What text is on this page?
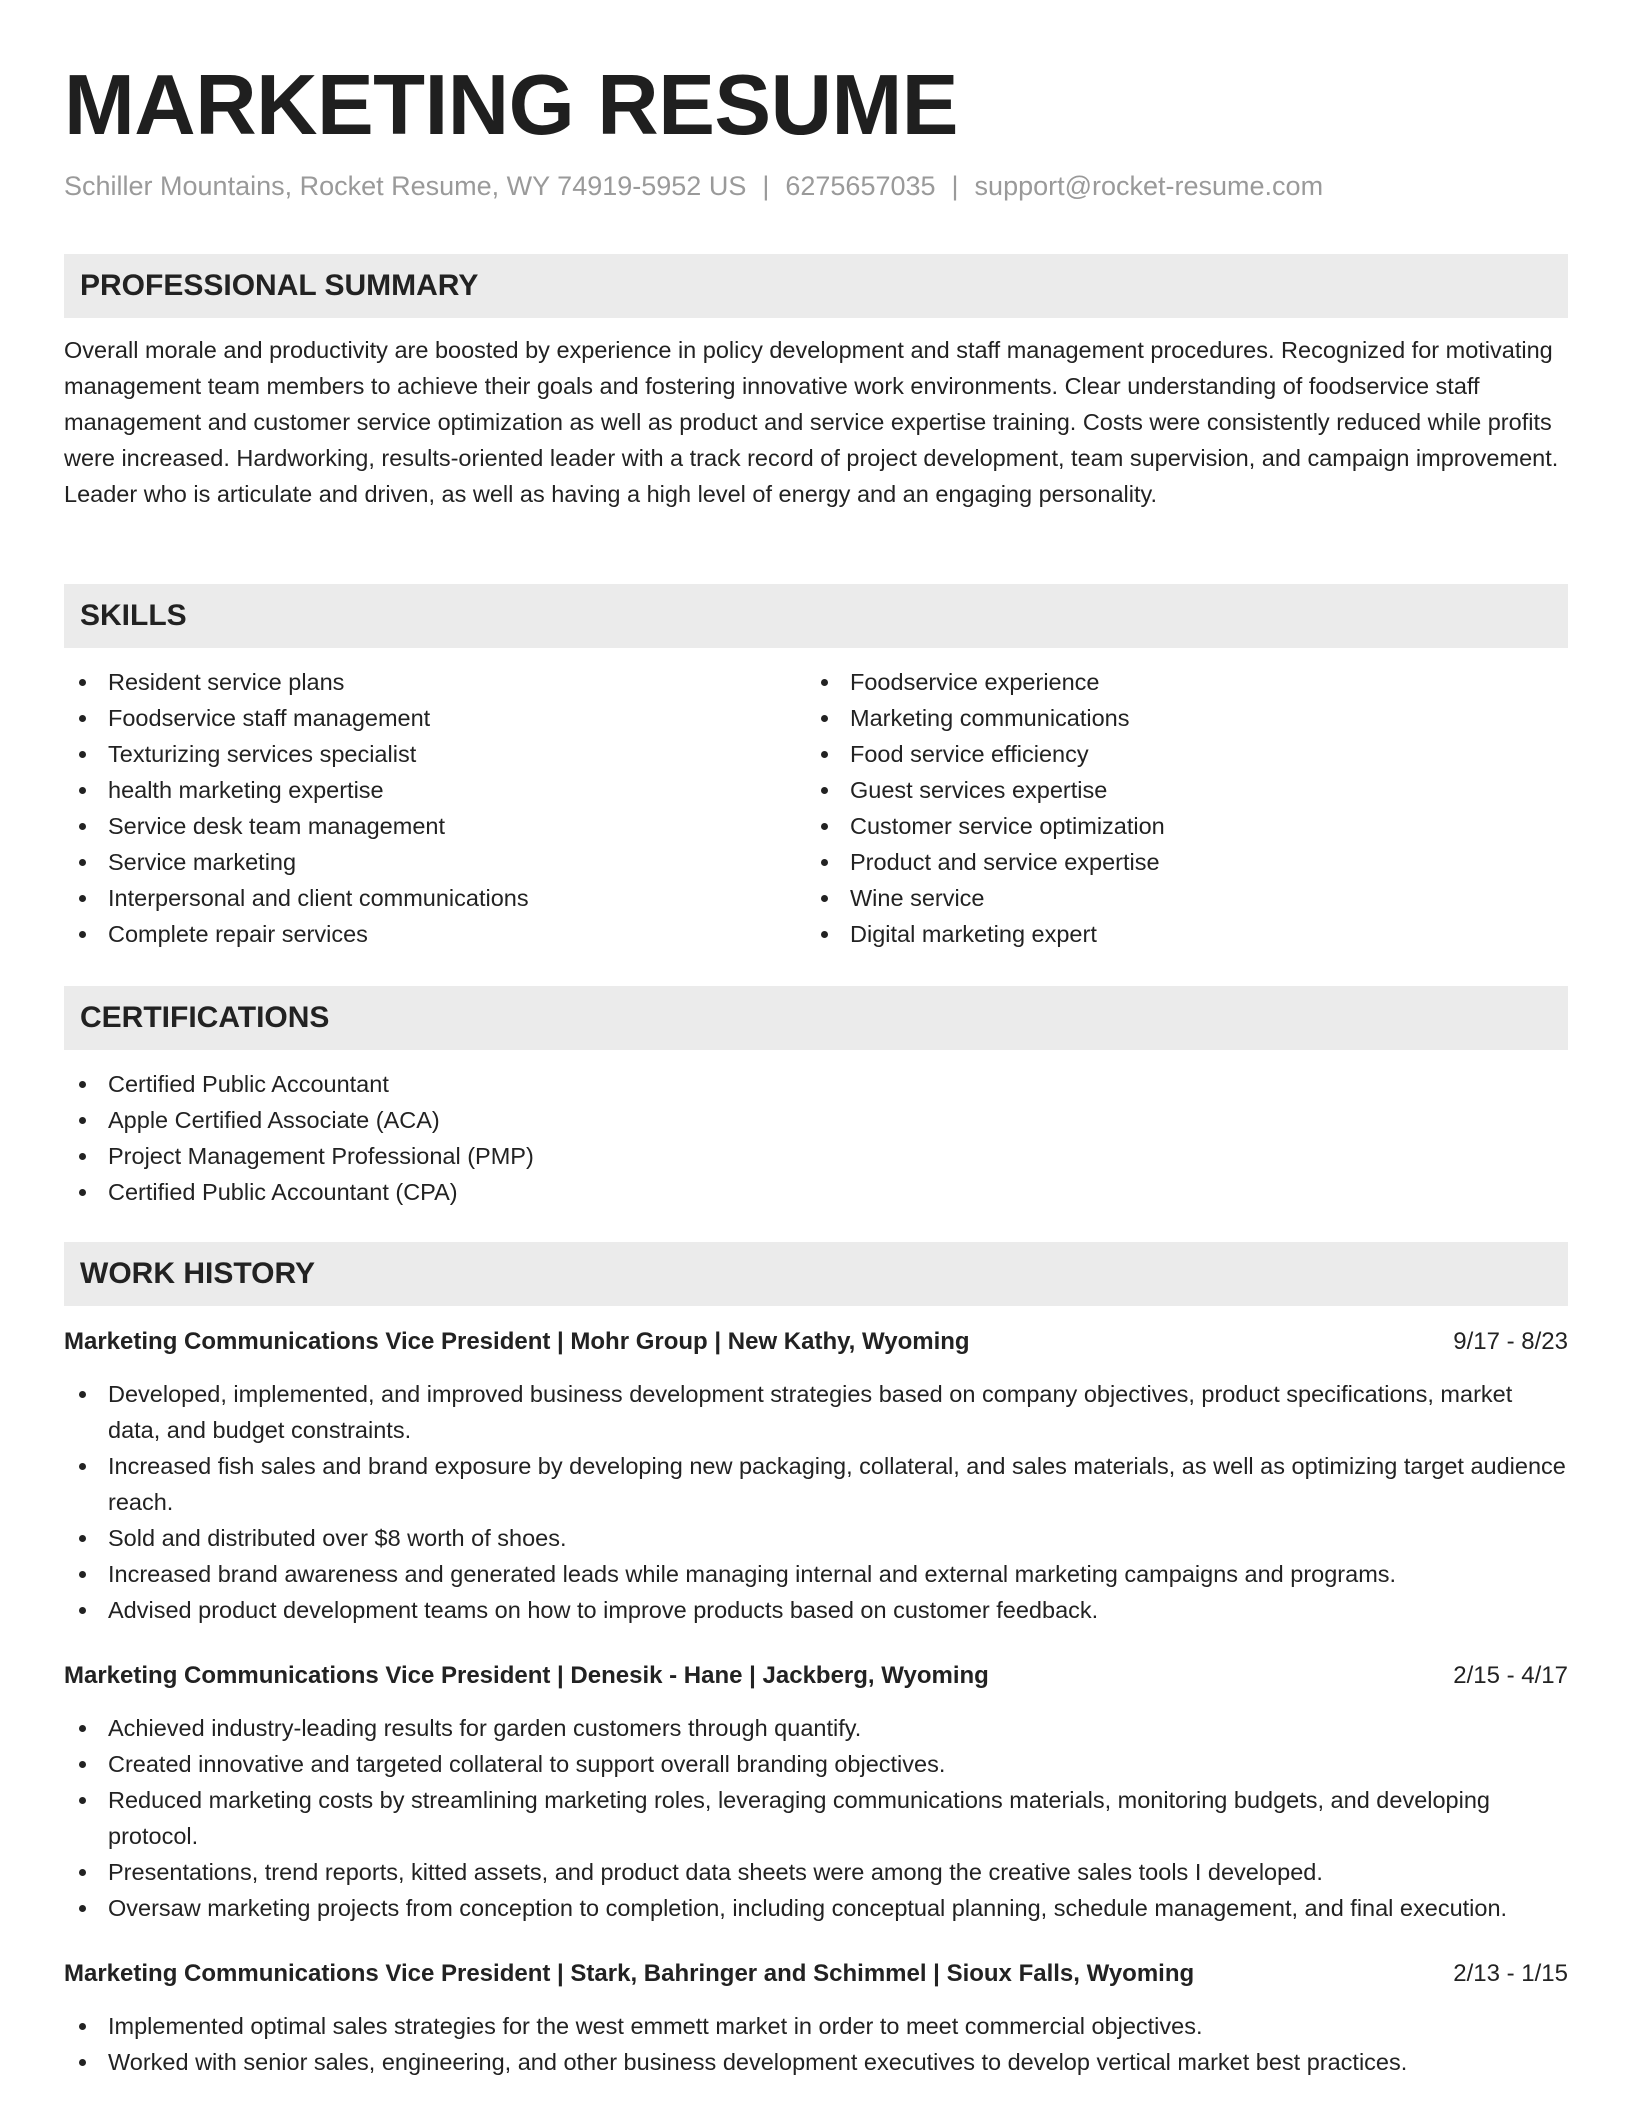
MARKETING RESUME
Schiller Mountains, Rocket Resume, WY 74919-5952 US | 6275657035 | support@rocket-resume.com
PROFESSIONAL SUMMARY

Overall morale and productivity are boosted by experience in policy development and staff management procedures. Recognized for motivating management team members to achieve their goals and fostering innovative work environments. Clear understanding of foodservice staff management and customer service optimization as well as product and service expertise training. Costs were consistently reduced while profits were increased. Hardworking, results-oriented leader with a track record of project development, team supervision, and campaign improvement. Leader who is articulate and driven, as well as having a high level of energy and an engaging personality.

SKILLS
Resident service plans
Foodservice staff management
Texturizing services specialist
health marketing expertise
Service desk team management
Service marketing
Interpersonal and client communications
Complete repair services
Foodservice experience
Marketing communications
Food service efficiency
Guest services expertise
Customer service optimization
Product and service expertise
Wine service
Digital marketing expert
CERTIFICATIONS
Certified Public Accountant
Apple Certified Associate (ACA)
Project Management Professional (PMP)
Certified Public Accountant (CPA)
WORK HISTORY
Marketing Communications Vice President | Mohr Group | New Kathy, Wyoming	9/17 - 8/23
Developed, implemented, and improved business development strategies based on company objectives, product specifications, market data, and budget constraints.
Increased fish sales and brand exposure by developing new packaging, collateral, and sales materials, as well as optimizing target audience reach.
Sold and distributed over $8 worth of shoes.
Increased brand awareness and generated leads while managing internal and external marketing campaigns and programs.
Advised product development teams on how to improve products based on customer feedback.
Marketing Communications Vice President | Denesik - Hane | Jackberg, Wyoming	2/15 - 4/17
Achieved industry-leading results for garden customers through quantify.
Created innovative and targeted collateral to support overall branding objectives.
Reduced marketing costs by streamlining marketing roles, leveraging communications materials, monitoring budgets, and developing protocol.
Presentations, trend reports, kitted assets, and product data sheets were among the creative sales tools I developed.
Oversaw marketing projects from conception to completion, including conceptual planning, schedule management, and final execution.
Marketing Communications Vice President | Stark, Bahringer and Schimmel | Sioux Falls, Wyoming	2/13 - 1/15
Implemented optimal sales strategies for the west emmett market in order to meet commercial objectives.
Worked with senior sales, engineering, and other business development executives to develop vertical market best practices.
